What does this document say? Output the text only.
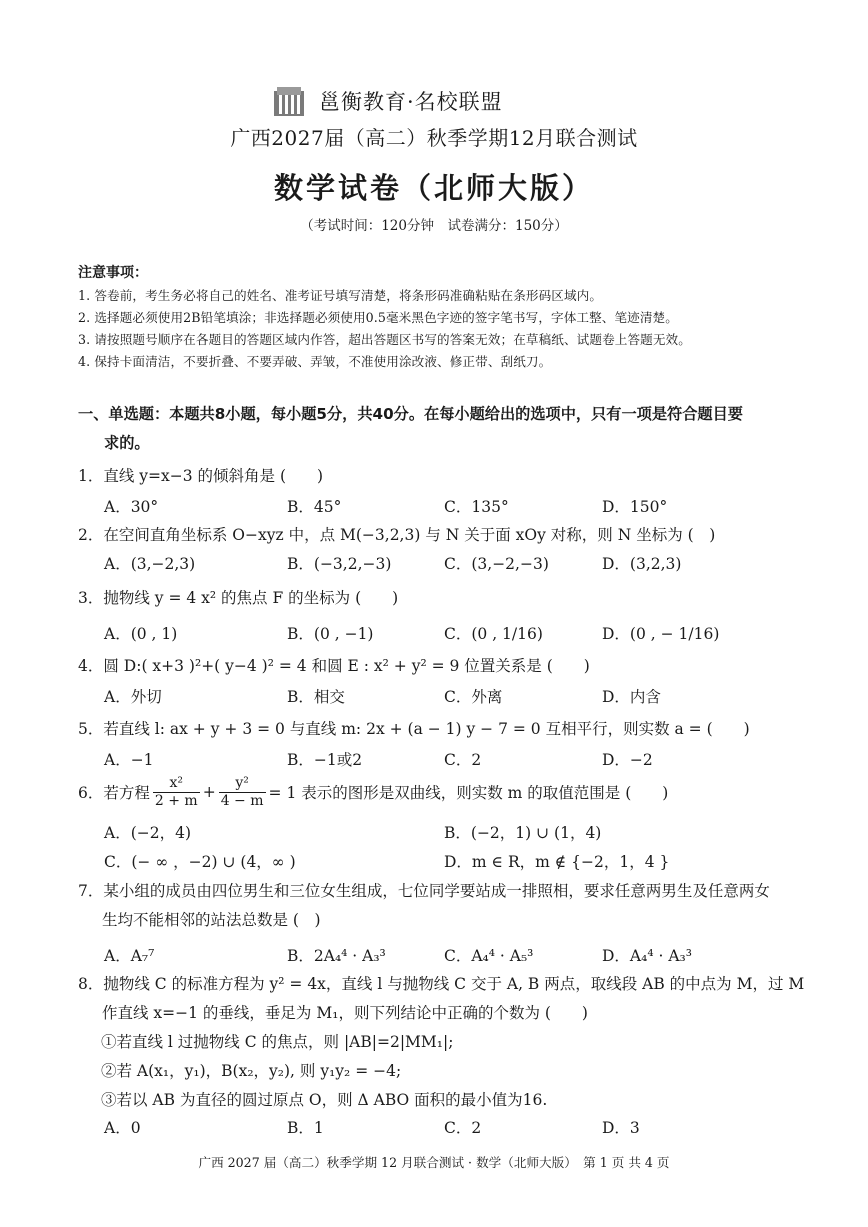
邕衡教育·名校联盟
广西2027届（高二）秋季学期12月联合测试
数学试卷（北师大版）
（考试时间：120分钟　试卷满分：150分）
注意事项：
1. 答卷前，考生务必将自己的姓名、准考证号填写清楚，将条形码准确粘贴在条形码区域内。
2. 选择题必须使用2B铅笔填涂；非选择题必须使用0.5毫米黑色字迹的签字笔书写，字体工整、笔迹清楚。
3. 请按照题号顺序在各题目的答题区域内作答，超出答题区书写的答案无效；在草稿纸、试题卷上答题无效。
4. 保持卡面清洁，不要折叠、不要弄破、弄皱，不准使用涂改液、修正带、刮纸刀。
一、单选题：本题共8小题，每小题5分，共40分。在每小题给出的选项中，只有一项是符合题目要
求的。
1．直线 y=x−3 的倾斜角是 (　　)
A．30°	B．45°	C．135°	D．150°
2．在空间直角坐标系 O−xyz 中，点 M(−3,2,3) 与 N 关于面 xOy 对称，则 N 坐标为 (　)
A．(3,−2,3)	B．(−3,2,−3)	C．(3,−2,−3)	D．(3,2,3)
3．抛物线 y = 4 x² 的焦点 F 的坐标为 (　　)
A．(0 , 1)	B．(0 , −1)	C．(0 , 1/16)	D．(0 , − 1/16)
4．圆 D:( x+3 )²+( y−4 )² = 4 和圆 E : x² + y² = 9 位置关系是 (　　)
A．外切	B．相交	C．外离	D．内含
5．若直线 l: ax + y + 3 = 0 与直线 m: 2x + (a − 1) y − 7 = 0 互相平行，则实数 a = (　　)
A．−1	B．−1或2	C．2	D．−2
6．若方程 $\frac{\text{x²}}{2 + m} + \frac{\text{y²}}{4 - m} = 1$ 表示的图形是双曲线，则实数 m 的取值范围是 (　　)
A．(−2，4)	B．(−2，1) ∪ (1，4)
C．(− ∞ ，−2) ∪ (4，∞ )	D．m ∈ R，m ∉ {−2，1，4 }
7．某小组的成员由四位男生和三位女生组成，七位同学要站成一排照相，要求任意两男生及任意两女
生均不能相邻的站法总数是 (　)
A．A₇⁷	B．2A₄⁴ · A₃³	C．A₄⁴ · A₅³	D．A₄⁴ · A₃³
8．抛物线 C 的标准方程为 y² = 4x，直线 l 与抛物线 C 交于 A, B 两点，取线段 AB 的中点为 M，过 M
作直线 x=−1 的垂线，垂足为 M₁，则下列结论中正确的个数为 (　　)
①若直线 l 过抛物线 C 的焦点，则 |AB|=2|MM₁|;
②若 A(x₁，y₁)，B(x₂，y₂), 则 y₁y₂ = −4;
③若以 AB 为直径的圆过原点 O，则 Δ ABO 面积的最小值为16.
A．0	B．1	C．2	D．3
广西 2027 届（高二）秋季学期 12 月联合测试 · 数学（北师大版）　第 1 页 共 4 页
